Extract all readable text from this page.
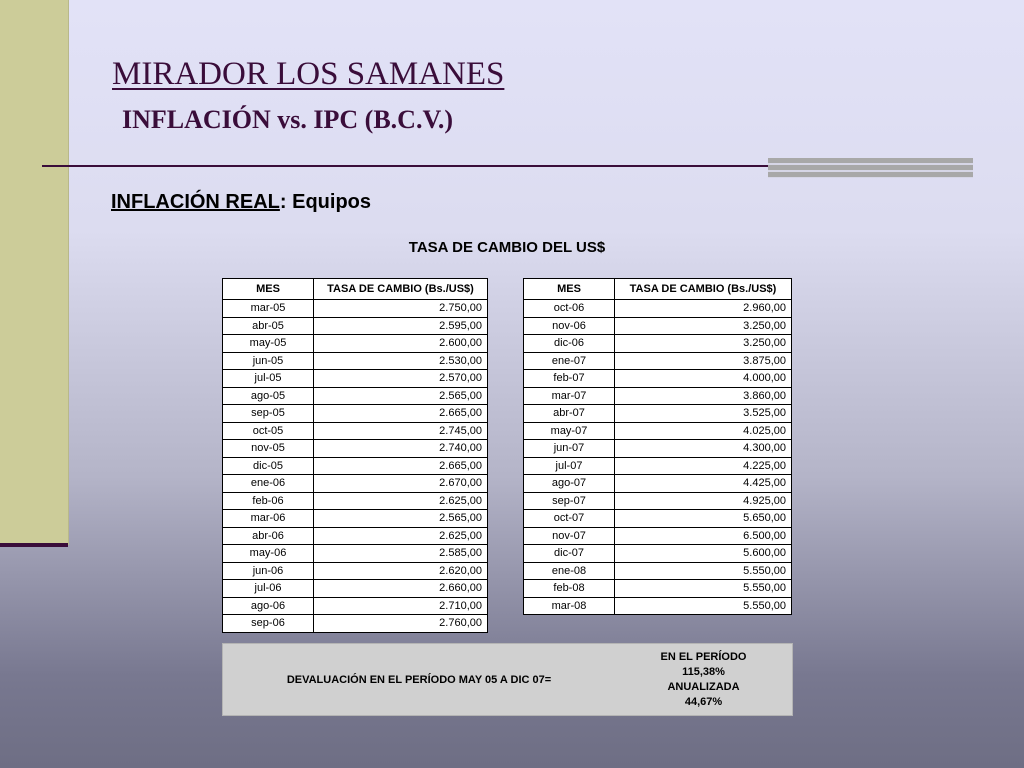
MIRADOR LOS SAMANES
INFLACIÓN vs. IPC (B.C.V.)
INFLACIÓN REAL: Equipos
TASA DE CAMBIO DEL US$
MES	TASA DE CAMBIO (Bs./US$)
mar-05	2.750,00
abr-05	2.595,00
may-05	2.600,00
jun-05	2.530,00
jul-05	2.570,00
ago-05	2.565,00
sep-05	2.665,00
oct-05	2.745,00
nov-05	2.740,00
dic-05	2.665,00
ene-06	2.670,00
feb-06	2.625,00
mar-06	2.565,00
abr-06	2.625,00
may-06	2.585,00
jun-06	2.620,00
jul-06	2.660,00
ago-06	2.710,00
sep-06	2.760,00
MES	TASA DE CAMBIO (Bs./US$)
oct-06	2.960,00
nov-06	3.250,00
dic-06	3.250,00
ene-07	3.875,00
feb-07	4.000,00
mar-07	3.860,00
abr-07	3.525,00
may-07	4.025,00
jun-07	4.300,00
jul-07	4.225,00
ago-07	4.425,00
sep-07	4.925,00
oct-07	5.650,00
nov-07	6.500,00
dic-07	5.600,00
ene-08	5.550,00
feb-08	5.550,00
mar-08	5.550,00
DEVALUACIÓN EN EL PERÍODO MAY 05 A DIC 07=
EN EL PERÍODO
115,38%
ANUALIZADA
44,67%
